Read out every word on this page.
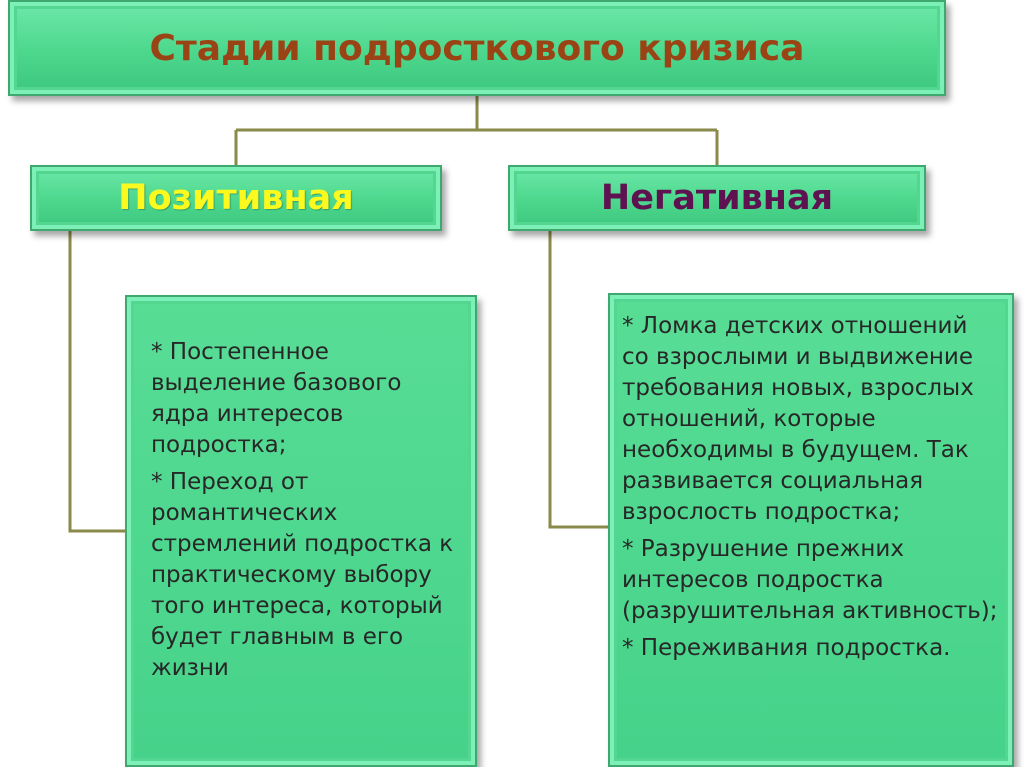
Стадии подросткового кризиса
Позитивная	Негативная

* Постепенное выделение базового ядра интересов подростка;

* Переход от романтических стремлений подростка к практическому выбору того интереса, который будет главным в его жизни

* Ломка детских отношений со взрослыми и выдвижение требования новых, взрослых отношений, которые необходимы в будущем. Так развивается социальная взрослость подростка;

* Разрушение прежних интересов подростка (разрушительная активность);

* Переживания подростка.
